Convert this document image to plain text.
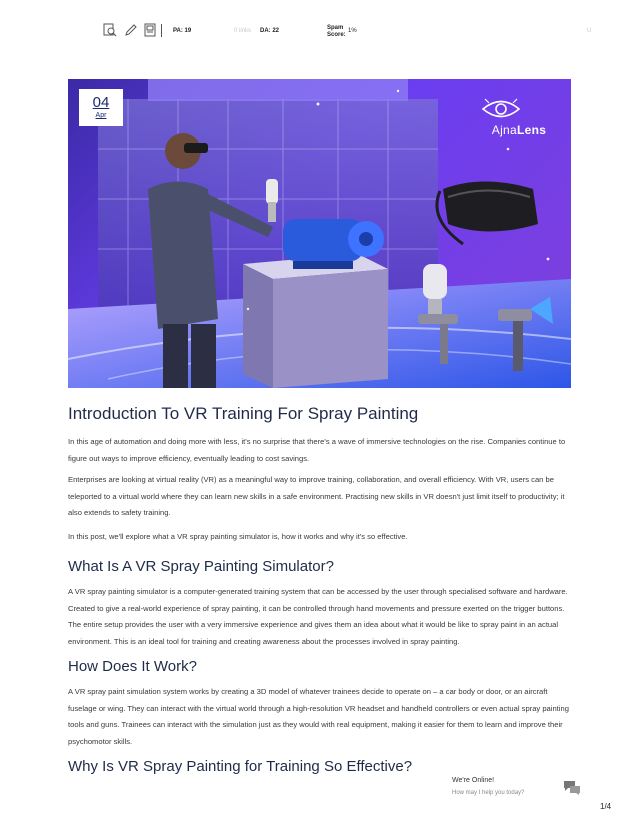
PA: 19	0 links DA: 22	Spam
Score:
1%	U
04
Apr
AjnaLens
Introduction To VR Training For Spray Painting

In this age of automation and doing more with less, it's no surprise that there's a wave of immersive technologies on the rise. Companies continue to figure out ways to improve efficiency, eventually leading to cost savings.

Enterprises are looking at virtual reality (VR) as a meaningful way to improve training, collaboration, and overall efficiency. With VR, users can be teleported to a virtual world where they can learn new skills in a safe environment. Practising new skills in VR doesn't just limit itself to productivity; it also extends to safety training.

In this post, we'll explore what a VR spray painting simulator is, how it works and why it's so effective.

What Is A VR Spray Painting Simulator?

A VR spray painting simulator is a computer-generated training system that can be accessed by the user through specialised software and hardware. Created to give a real-world experience of spray painting, it can be controlled through hand movements and pressure exerted on the trigger buttons. The entire setup provides the user with a very immersive experience and gives them an idea about what it would be like to spray paint in an actual environment. This is an ideal tool for training and creating awareness about the processes involved in spray painting.

How Does It Work?

A VR spray paint simulation system works by creating a 3D model of whatever trainees decide to operate on – a car body or door, or an aircraft fuselage or wing. They can interact with the virtual world through a high-resolution VR headset and handheld controllers or even actual spray painting tools and guns. Trainees can interact with the simulation just as they would with real equipment, making it easier for them to learn and improve their psychomotor skills.

Why Is VR Spray Painting for Training So Effective?
We're Online!
How may I help you today?
1/4
